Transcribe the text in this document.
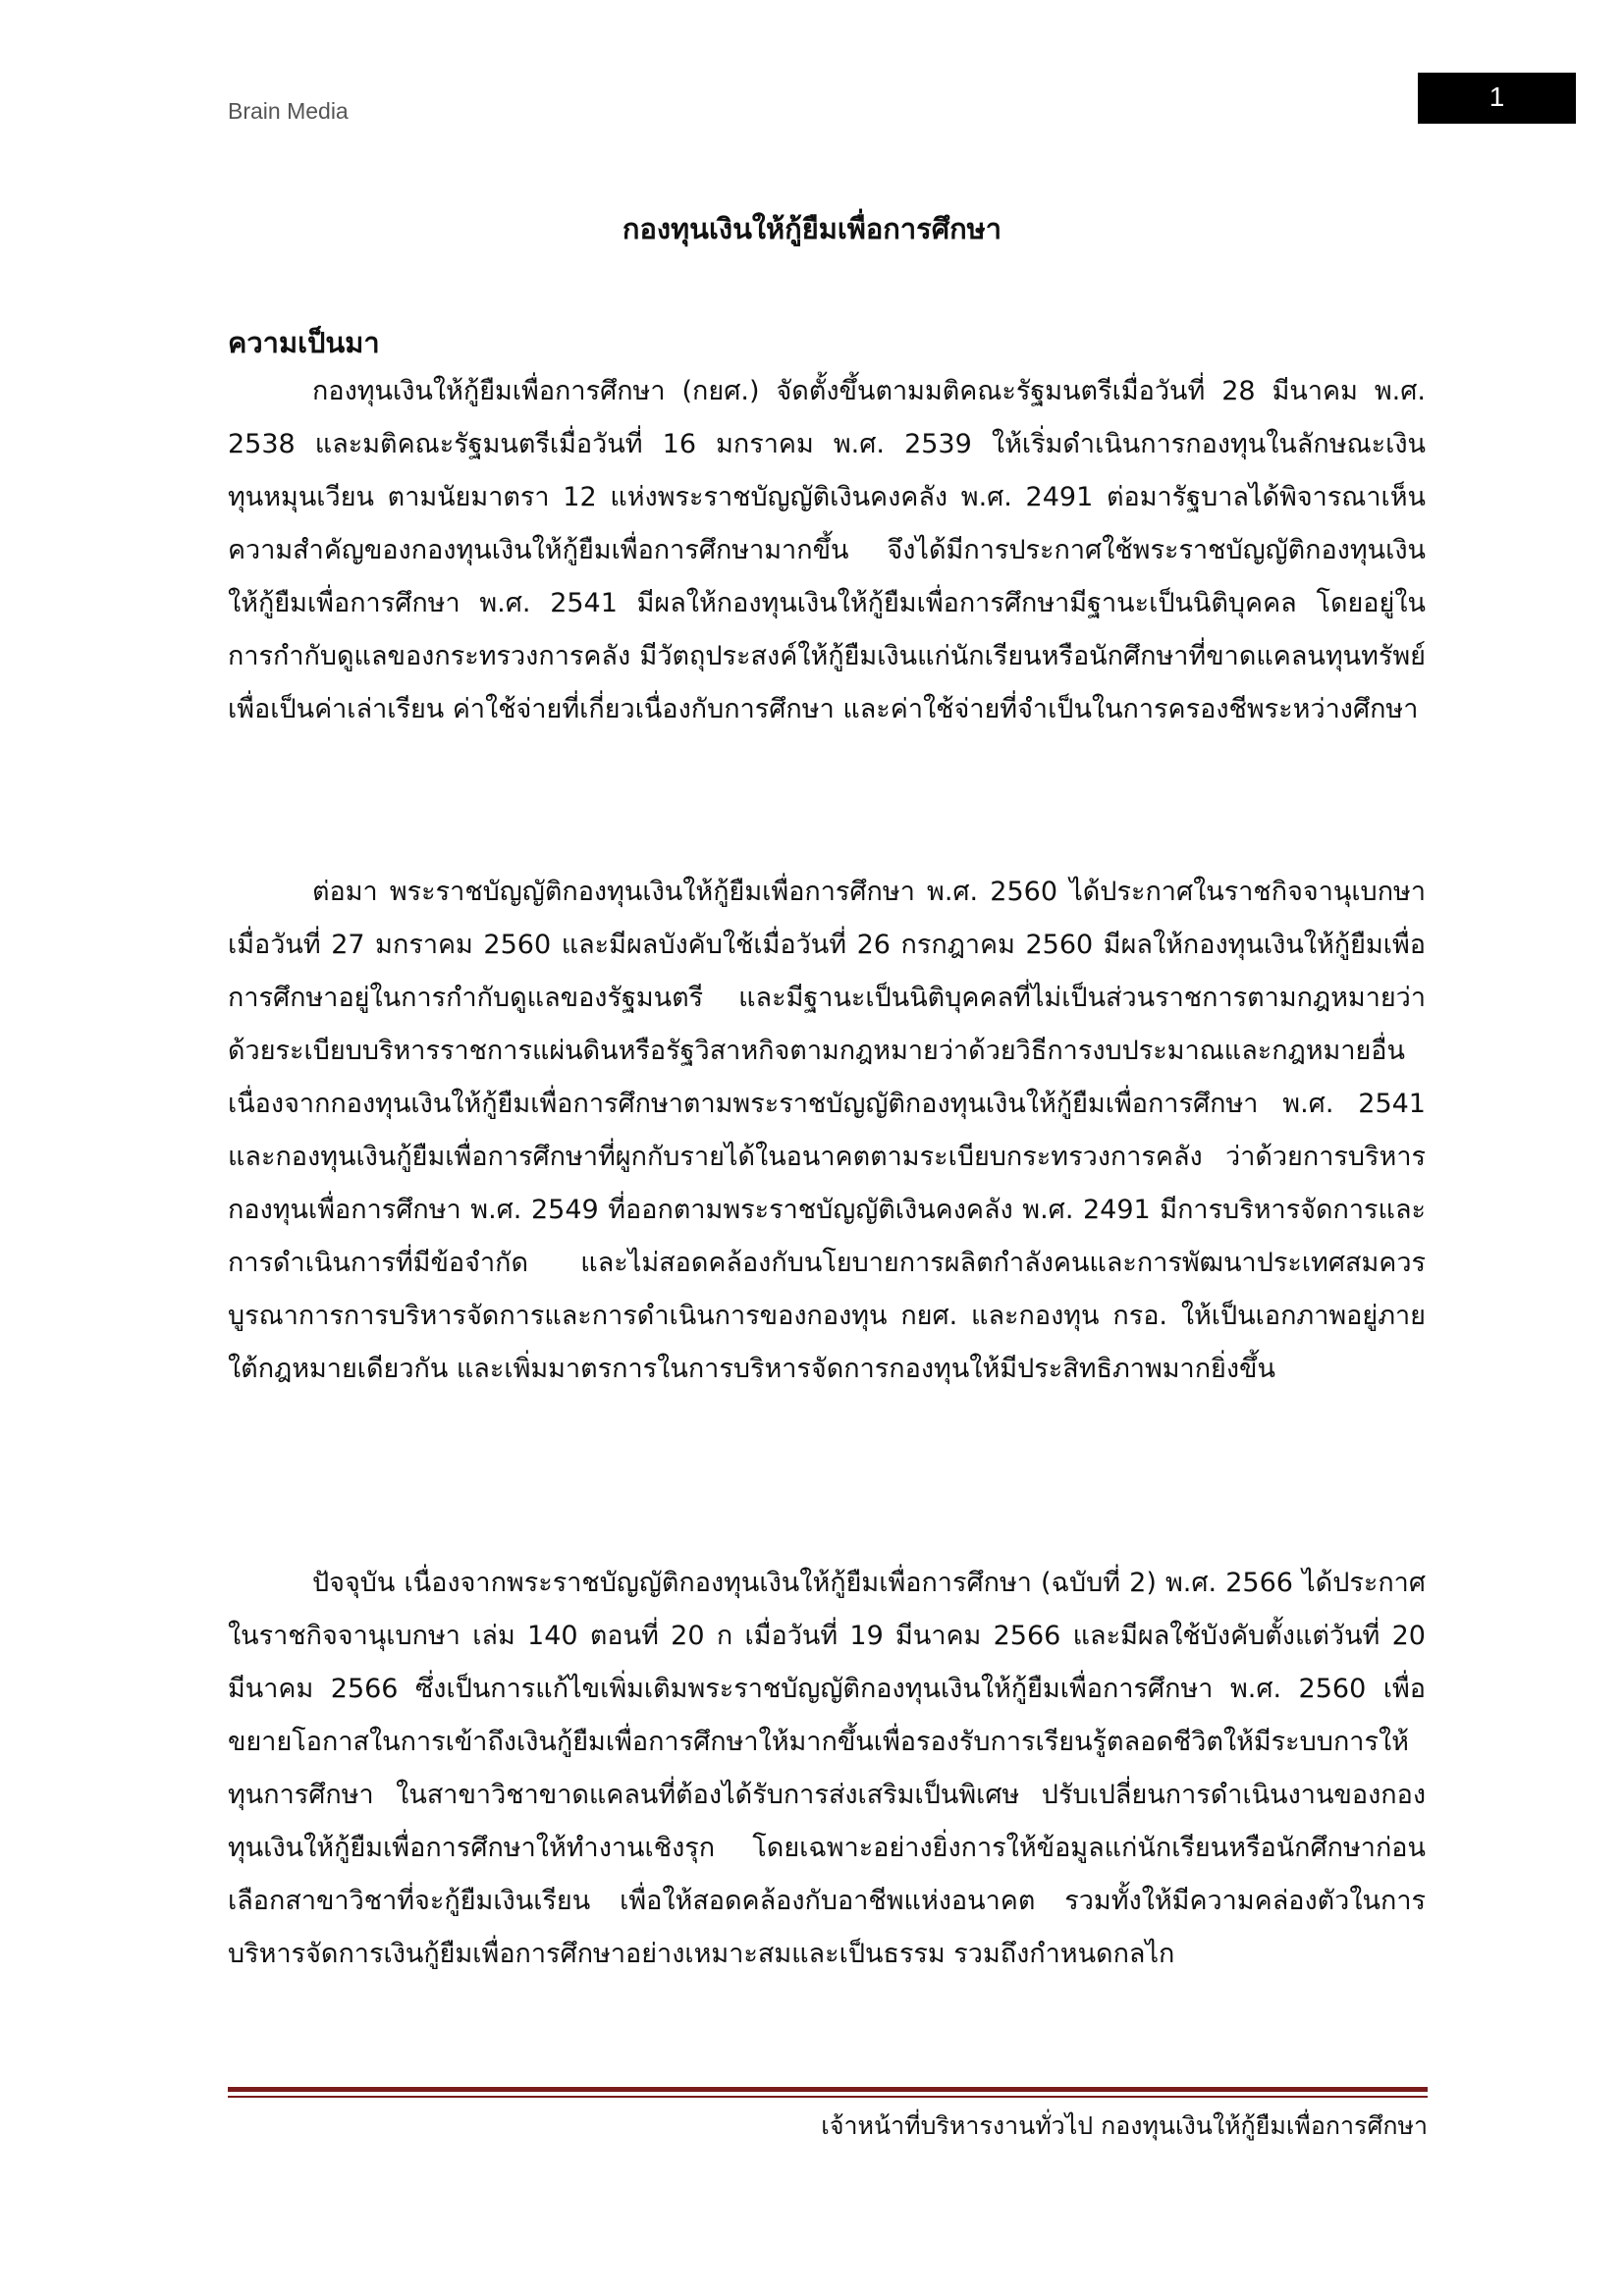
Brain Media	1
กองทุนเงินให้กู้ยืมเพื่อการศึกษา
ความเป็นมา

กองทุนเงินให้กู้ยืมเพื่อการศึกษา (กยศ.) จัดตั้งขึ้นตามมติคณะรัฐมนตรีเมื่อวันที่ 28 มีนาคม พ.ศ. 2538 และมติคณะรัฐมนตรีเมื่อวันที่ 16 มกราคม พ.ศ. 2539 ให้เริ่มดำเนินการกองทุนในลักษณะเงินทุนหมุนเวียน ตามนัยมาตรา 12 แห่งพระราชบัญญัติเงินคงคลัง พ.ศ. 2491 ต่อมารัฐบาลได้พิจารณาเห็นความสำคัญของกองทุนเงินให้กู้ยืมเพื่อการศึกษามากขึ้น จึงได้มีการประกาศใช้พระราชบัญญัติกองทุนเงินให้กู้ยืมเพื่อการศึกษา พ.ศ. 2541 มีผลให้กองทุนเงินให้กู้ยืมเพื่อการศึกษามีฐานะเป็นนิติบุคคล โดยอยู่ในการกำกับดูแลของกระทรวงการคลัง มีวัตถุประสงค์ให้กู้ยืมเงินแก่นักเรียนหรือนักศึกษาที่ขาดแคลนทุนทรัพย์เพื่อเป็นค่าเล่าเรียน ค่าใช้จ่ายที่เกี่ยวเนื่องกับการศึกษา และค่าใช้จ่ายที่จำเป็นในการครองชีพระหว่างศึกษา

ต่อมา พระราชบัญญัติกองทุนเงินให้กู้ยืมเพื่อการศึกษา พ.ศ. 2560 ได้ประกาศในราชกิจจานุเบกษา เมื่อวันที่ 27 มกราคม 2560 และมีผลบังคับใช้เมื่อวันที่ 26 กรกฎาคม 2560 มีผลให้กองทุนเงินให้กู้ยืมเพื่อการศึกษาอยู่ในการกำกับดูแลของรัฐมนตรี และมีฐานะเป็นนิติบุคคลที่ไม่เป็นส่วนราชการตามกฎหมายว่าด้วยระเบียบบริหารราชการแผ่นดินหรือรัฐวิสาหกิจตามกฎหมายว่าด้วยวิธีการงบประมาณและกฎหมายอื่น เนื่องจากกองทุนเงินให้กู้ยืมเพื่อการศึกษาตามพระราชบัญญัติกองทุนเงินให้กู้ยืมเพื่อการศึกษา พ.ศ. 2541 และกองทุนเงินกู้ยืมเพื่อการศึกษาที่ผูกกับรายได้ในอนาคตตามระเบียบกระทรวงการคลัง ว่าด้วยการบริหารกองทุนเพื่อการศึกษา พ.ศ. 2549 ที่ออกตามพระราชบัญญัติเงินคงคลัง พ.ศ. 2491 มีการบริหารจัดการและการดำเนินการที่มีข้อจำกัด และไม่สอดคล้องกับนโยบายการผลิตกำลังคนและการพัฒนาประเทศสมควรบูรณาการการบริหารจัดการและการดำเนินการของกองทุน กยศ. และกองทุน กรอ. ให้เป็นเอกภาพอยู่ภายใต้กฎหมายเดียวกัน และเพิ่มมาตรการในการบริหารจัดการกองทุนให้มีประสิทธิภาพมากยิ่งขึ้น

ปัจจุบัน เนื่องจากพระราชบัญญัติกองทุนเงินให้กู้ยืมเพื่อการศึกษา (ฉบับที่ 2) พ.ศ. 2566 ได้ประกาศในราชกิจจานุเบกษา เล่ม 140 ตอนที่ 20 ก เมื่อวันที่ 19 มีนาคม 2566 และมีผลใช้บังคับตั้งแต่วันที่ 20 มีนาคม 2566 ซึ่งเป็นการแก้ไขเพิ่มเติมพระราชบัญญัติกองทุนเงินให้กู้ยืมเพื่อการศึกษา พ.ศ. 2560 เพื่อขยายโอกาสในการเข้าถึงเงินกู้ยืมเพื่อการศึกษาให้มากขึ้นเพื่อรองรับการเรียนรู้ตลอดชีวิตให้มีระบบการให้ทุนการศึกษา ในสาขาวิชาขาดแคลนที่ต้องได้รับการส่งเสริมเป็นพิเศษ ปรับเปลี่ยนการดำเนินงานของกองทุนเงินให้กู้ยืมเพื่อการศึกษาให้ทำงานเชิงรุก โดยเฉพาะอย่างยิ่งการให้ข้อมูลแก่นักเรียนหรือนักศึกษาก่อนเลือกสาขาวิชาที่จะกู้ยืมเงินเรียน เพื่อให้สอดคล้องกับอาชีพแห่งอนาคต รวมทั้งให้มีความคล่องตัวในการบริหารจัดการเงินกู้ยืมเพื่อการศึกษาอย่างเหมาะสมและเป็นธรรม รวมถึงกำหนดกลไก

เจ้าหน้าที่บริหารงานทั่วไป กองทุนเงินให้กู้ยืมเพื่อการศึกษา
